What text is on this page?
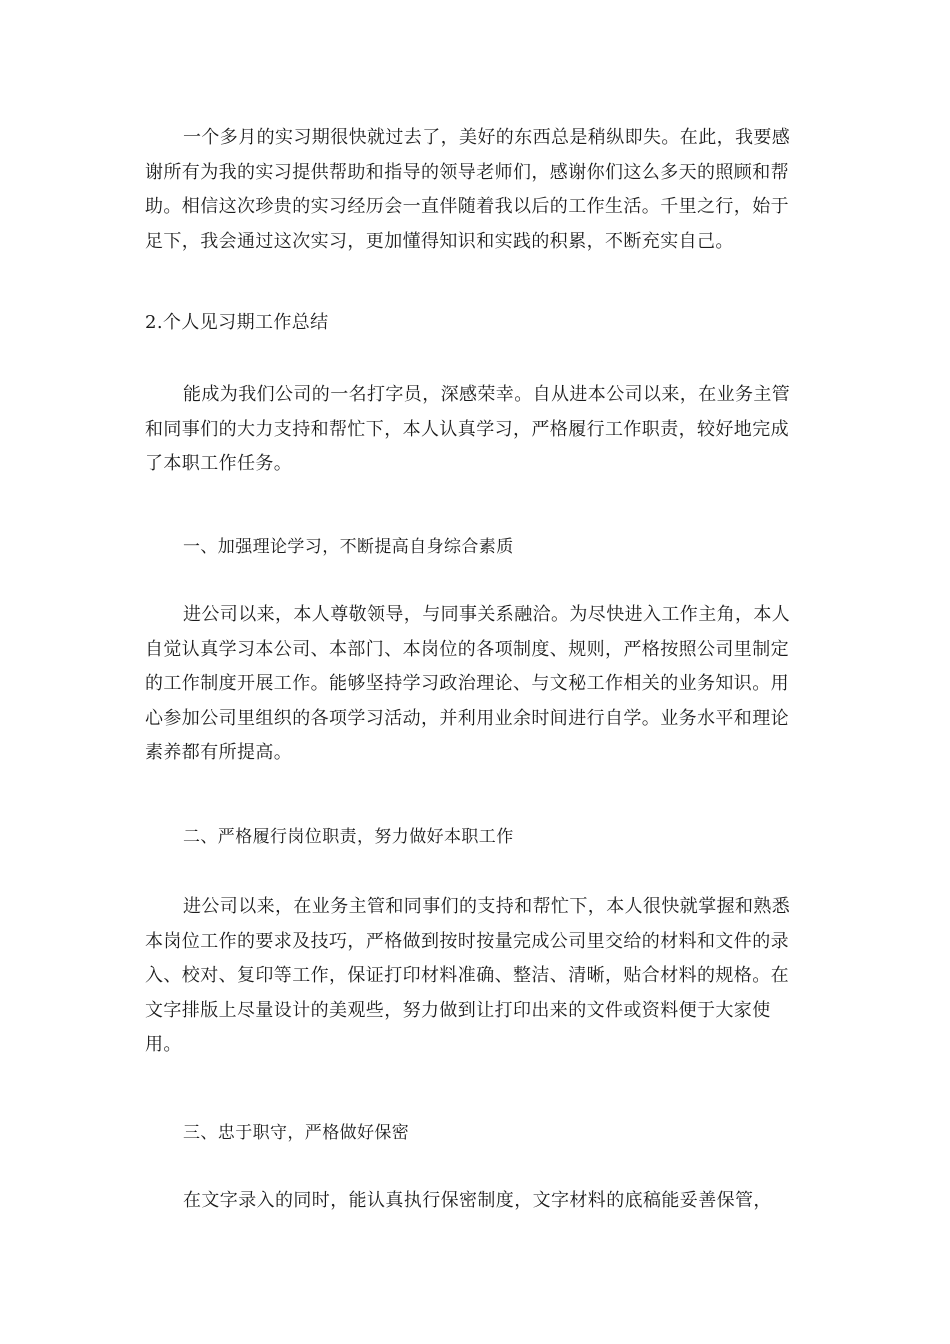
一个多月的实习期很快就过去了，美好的东西总是稍纵即失。在此，我要感谢所有为我的实习提供帮助和指导的领导老师们，感谢你们这么多天的照顾和帮助。相信这次珍贵的实习经历会一直伴随着我以后的工作生活。千里之行，始于足下，我会通过这次实习，更加懂得知识和实践的积累，不断充实自己。

2.个人见习期工作总结

能成为我们公司的一名打字员，深感荣幸。自从进本公司以来，在业务主管和同事们的大力支持和帮忙下，本人认真学习，严格履行工作职责，较好地完成了本职工作任务。

一、加强理论学习，不断提高自身综合素质

进公司以来，本人尊敬领导，与同事关系融洽。为尽快进入工作主角，本人自觉认真学习本公司、本部门、本岗位的各项制度、规则，严格按照公司里制定的工作制度开展工作。能够坚持学习政治理论、与文秘工作相关的业务知识。用心参加公司里组织的各项学习活动，并利用业余时间进行自学。业务水平和理论素养都有所提高。

二、严格履行岗位职责，努力做好本职工作

进公司以来，在业务主管和同事们的支持和帮忙下，本人很快就掌握和熟悉本岗位工作的要求及技巧，严格做到按时按量完成公司里交给的材料和文件的录入、校对、复印等工作，保证打印材料准确、整洁、清晰，贴合材料的规格。在文字排版上尽量设计的美观些，努力做到让打印出来的文件或资料便于大家使用。

三、忠于职守，严格做好保密

在文字录入的同时，能认真执行保密制度，文字材料的底稿能妥善保管，
